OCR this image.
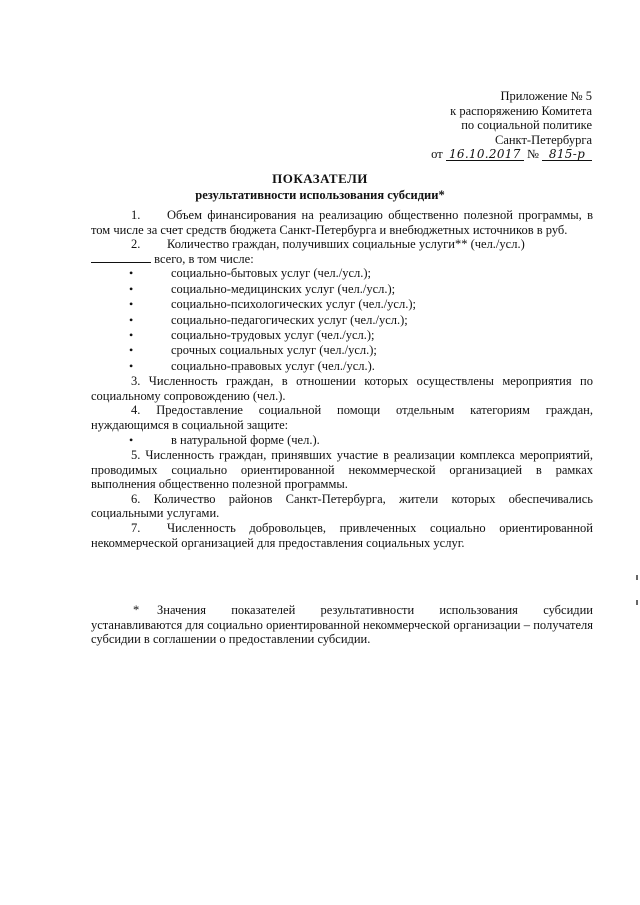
Приложение № 5
к распоряжению Комитета
по социальной политике
Санкт-Петербурга
от 16.10.2017 № 815-р
ПОКАЗАТЕЛИ
результативности использования субсидии*

1. Объем финансирования на реализацию общественно полезной программы, в том числе за счет средств бюджета Санкт-Петербурга и внебюджетных источников в руб.

2. Количество граждан, получивших социальные услуги** (чел./усл.)

всего, в том числе:

•	социально-бытовых услуг (чел./усл.);
•	социально-медицинских услуг (чел./усл.);
•	социально-психологических услуг (чел./усл.);
•	социально-педагогических услуг (чел./усл.);
•	социально-трудовых услуг (чел./усл.);
•	срочных социальных услуг (чел./усл.);
•	социально-правовых услуг (чел./усл.).

3. Численность граждан, в отношении которых осуществлены мероприятия по социальному сопровождению (чел.).

4. Предоставление социальной помощи отдельным категориям граждан, нуждающимся в социальной защите:

•	в натуральной форме (чел.).

5. Численность граждан, принявших участие в реализации комплекса мероприятий, проводимых социально ориентированной некоммерческой организацией в рамках выполнения общественно полезной программы.

6. Количество районов Санкт-Петербурга, жители которых обеспечивались социальными услугами.

7. Численность добровольцев, привлеченных социально ориентированной некоммерческой организацией для предоставления социальных услуг.

* Значения показателей результативности использования субсидии устанавливаются для социально ориентированной некоммерческой организации – получателя субсидии в соглашении о предоставлении субсидии.
